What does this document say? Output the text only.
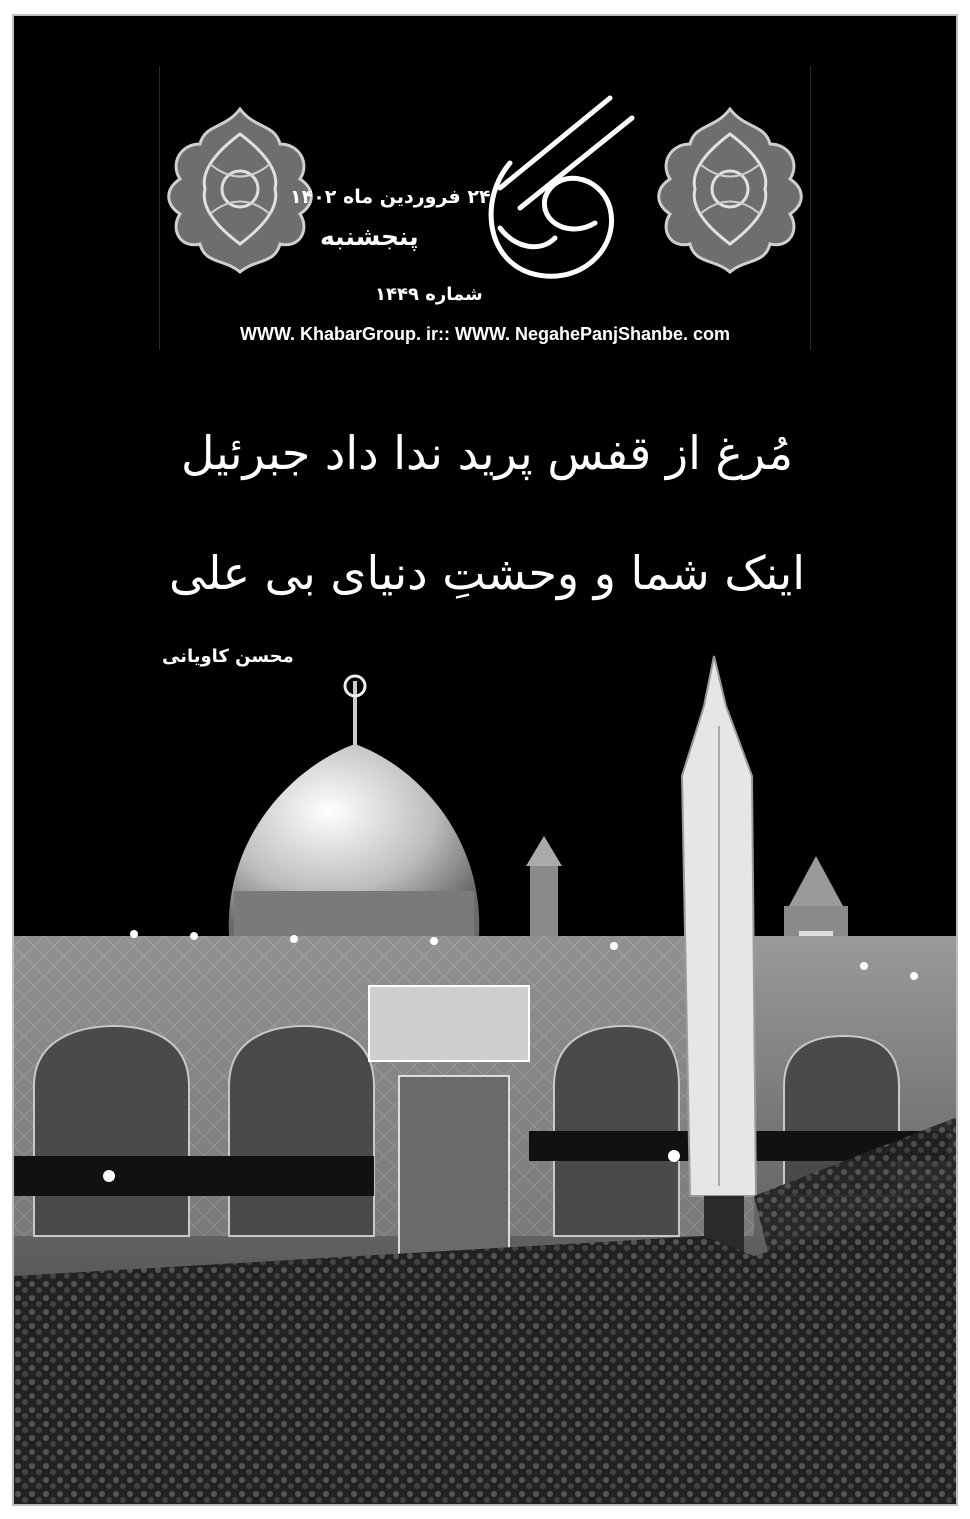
۲۴ فروردین ماه ۱۴۰۲
پنجشنبه
شماره ۱۴۴۹
WWW. KhabarGroup. ir:: WWW. NegahePanjShanbe. com
مُرغ از قفس پرید ندا داد جبرئیل
اینک شما و وحشتِ دنیای بی علی
محسن کاویانی
